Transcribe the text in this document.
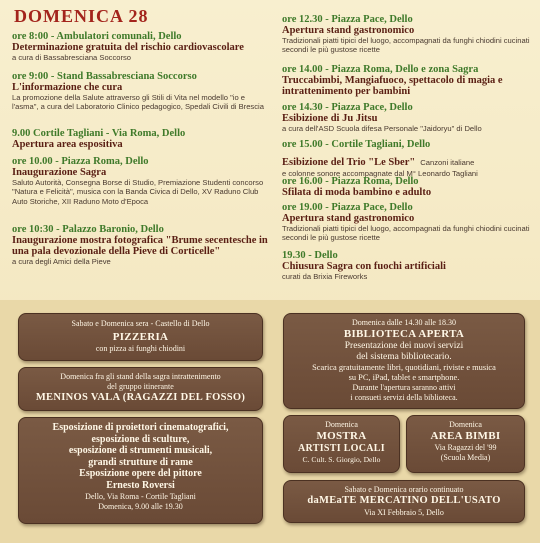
DOMENICA 28
ore 8:00 - Ambulatori comunali, Dello
Determinazione gratuita del rischio cardiovascolare
a cura di Bassabresciana Soccorso
ore 9:00 - Stand Bassabresciana Soccorso
L'informazione che cura
La promozione della Salute attraverso gli Stili di Vita nel modello "io e l'asma", a cura del Laboratorio Clinico pedagogico, Spedali Civili di Brescia
9.00 Cortile Tagliani - Via Roma, Dello
Apertura area espositiva
ore 10.00 - Piazza Roma, Dello
Inaugurazione Sagra
Saluto Autorità, Consegna Borse di Studio, Premiazione Studenti concorso "Natura e Felicità", musica con la Banda Civica di Dello, XV Raduno Club Auto Storiche, XII Raduno Moto d'Epoca
ore 10:30 - Palazzo Baronio, Dello
Inaugurazione mostra fotografica "Brume secentesche in una pala devozionale della Pieve di Corticelle"
a cura degli Amici della Pieve
ore 12.30 - Piazza Pace, Dello
Apertura stand gastronomico
Tradizionali piatti tipici del luogo, accompagnati da funghi chiodini cucinati secondi le più gustose ricette
ore 14.00 - Piazza Roma, Dello e zona Sagra
Truccabimbi, Mangiafuoco, spettacolo di magia e intrattenimento per bambini
ore 14.30 - Piazza Pace, Dello
Esibizione di Ju Jitsu
a cura dell'ASD Scuola difesa Personale "Jaidoryu" di Dello
ore 15.00 - Cortile Tagliani, Dello
Esibizione del Trio "Le Sber" Canzoni italiane
e colonne sonore accompagnate dal M° Leonardo Tagliani
ore 16.00 - Piazza Roma, Dello
Sfilata di moda bambino e adulto
ore 19.00 - Piazza Pace, Dello
Apertura stand gastronomico
Tradizionali piatti tipici del luogo, accompagnati da funghi chiodini cucinati secondi le più gustose ricette
19.30 - Dello
Chiusura Sagra con fuochi artificiali
curati da Brixia Fireworks
Sabato e Domenica sera - Castello di Dello
PIZZERIA
con pizza ai funghi chiodini
Domenica fra gli stand della sagra intrattenimento
del gruppo itinerante
MENINOS VALA (RAGAZZI DEL FOSSO)
Esposizione di proiettori cinematografici,
esposizione di sculture,
esposizione di strumenti musicali,
grandi strutture di rame
Esposizione opere del pittore
Ernesto Roversi
Dello, Via Roma - Cortile Tagliani
Domenica, 9.00 alle 19.30
Domenica dalle 14.30 alle 18.30
BIBLIOTECA APERTA
Presentazione dei nuovi servizi
del sistema bibliotecario.
Scarica gratuitamente libri, quotidiani, riviste e musica
su PC, iPad, tablet e smartphone.
Durante l'apertura saranno attivi
i consueti servizi della biblioteca.
Domenica
MOSTRA
ARTISTI LOCALI
C. Cult. S. Giorgio, Dello
Domenica
AREA BIMBI
Via Ragazzi del '99
(Scuola Media)
Sabato e Domenica orario continuato
daMEaTE MERCATINO DELL'USATO
Via XI Febbraio 5, Dello
